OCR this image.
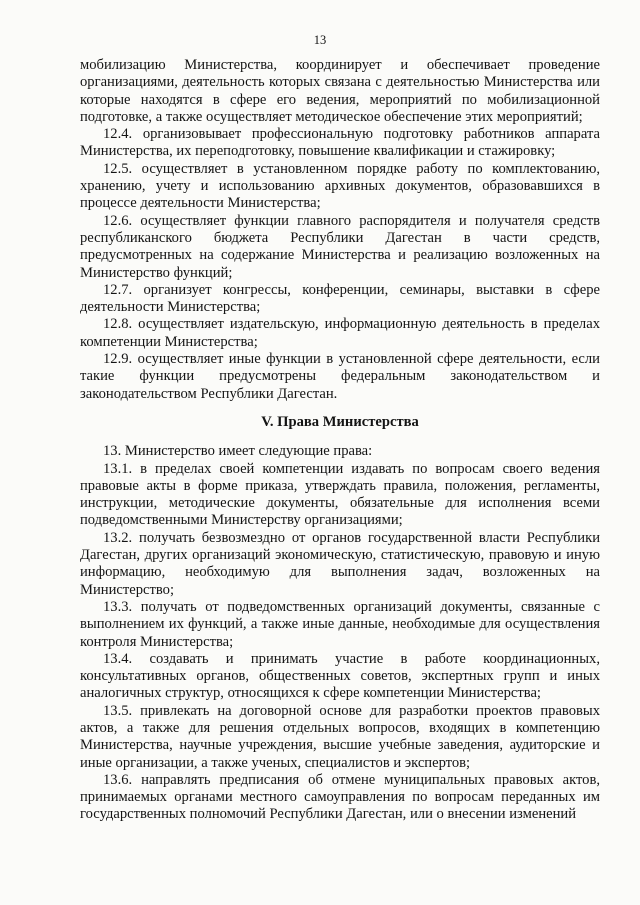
13

мобилизацию Министерства, координирует и обеспечивает проведение организациями, деятельность которых связана с деятельностью Министерства или которые находятся в сфере его ведения, мероприятий по мобилизационной подготовке, а также осуществляет методическое обеспечение этих мероприятий;

12.4. организовывает профессиональную подготовку работников аппарата Министерства, их переподготовку, повышение квалификации и стажировку;

12.5. осуществляет в установленном порядке работу по комплектованию, хранению, учету и использованию архивных документов, образовавшихся в процессе деятельности Министерства;

12.6. осуществляет функции главного распорядителя и получателя средств республиканского бюджета Республики Дагестан в части средств, предусмотренных на содержание Министерства и реализацию возложенных на Министерство функций;

12.7. организует конгрессы, конференции, семинары, выставки в сфере деятельности Министерства;

12.8. осуществляет издательскую, информационную деятельность в пределах компетенции Министерства;

12.9. осуществляет иные функции в установленной сфере деятельности, если такие функции предусмотрены федеральным законодательством и законодательством Республики Дагестан.

V. Права Министерства

13. Министерство имеет следующие права:

13.1. в пределах своей компетенции издавать по вопросам своего ведения правовые акты в форме приказа, утверждать правила, положения, регламенты, инструкции, методические документы, обязательные для исполнения всеми подведомственными Министерству организациями;

13.2. получать безвозмездно от органов государственной власти Республики Дагестан, других организаций экономическую, статистическую, правовую и иную информацию, необходимую для выполнения задач, возложенных на Министерство;

13.3. получать от подведомственных организаций документы, связанные с выполнением их функций, а также иные данные, необходимые для осуществления контроля Министерства;

13.4. создавать и принимать участие в работе координационных, консультативных органов, общественных советов, экспертных групп и иных аналогичных структур, относящихся к сфере компетенции Министерства;

13.5. привлекать на договорной основе для разработки проектов правовых актов, а также для решения отдельных вопросов, входящих в компетенцию Министерства, научные учреждения, высшие учебные заведения, аудиторские и иные организации, а также ученых, специалистов и экспертов;

13.6. направлять предписания об отмене муниципальных правовых актов, принимаемых органами местного самоуправления по вопросам переданных им государственных полномочий Республики Дагестан, или о внесении изменений
